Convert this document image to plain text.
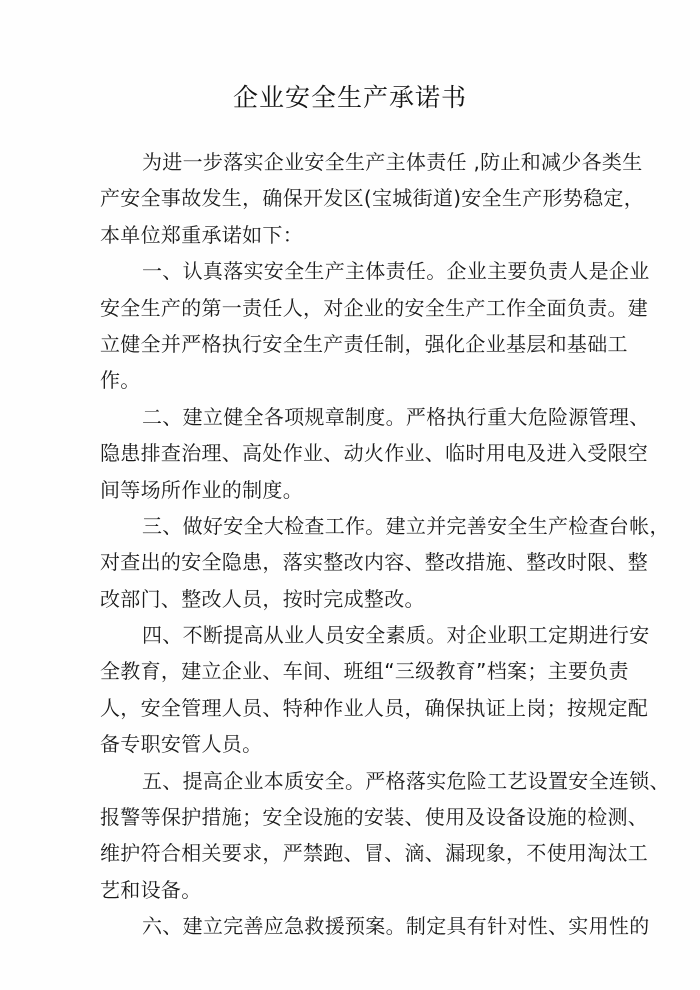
企业安全生产承诺书
为进一步落实企业安全生产主体责任 ,防止和减少各类生
产安全事故发生，确保开发区(宝城街道)安全生产形势稳定，
本单位郑重承诺如下：
一、认真落实安全生产主体责任。企业主要负责人是企业
安全生产的第一责任人，对企业的安全生产工作全面负责。建
立健全并严格执行安全生产责任制，强化企业基层和基础工
作。
二、建立健全各项规章制度。严格执行重大危险源管理、
隐患排查治理、高处作业、动火作业、临时用电及进入受限空
间等场所作业的制度。
三、做好安全大检查工作。建立并完善安全生产检查台帐，
对查出的安全隐患，落实整改内容、整改措施、整改时限、整
改部门、整改人员，按时完成整改。
四、不断提高从业人员安全素质。对企业职工定期进行安
全教育，建立企业、车间、班组“三级教育”档案；主要负责
人，安全管理人员、特种作业人员，确保执证上岗；按规定配
备专职安管人员。
五、提高企业本质安全。严格落实危险工艺设置安全连锁、
报警等保护措施；安全设施的安装、使用及设备设施的检测、
维护符合相关要求，严禁跑、冒、滴、漏现象，不使用淘汰工
艺和设备。
六、建立完善应急救援预案。制定具有针对性、实用性的
